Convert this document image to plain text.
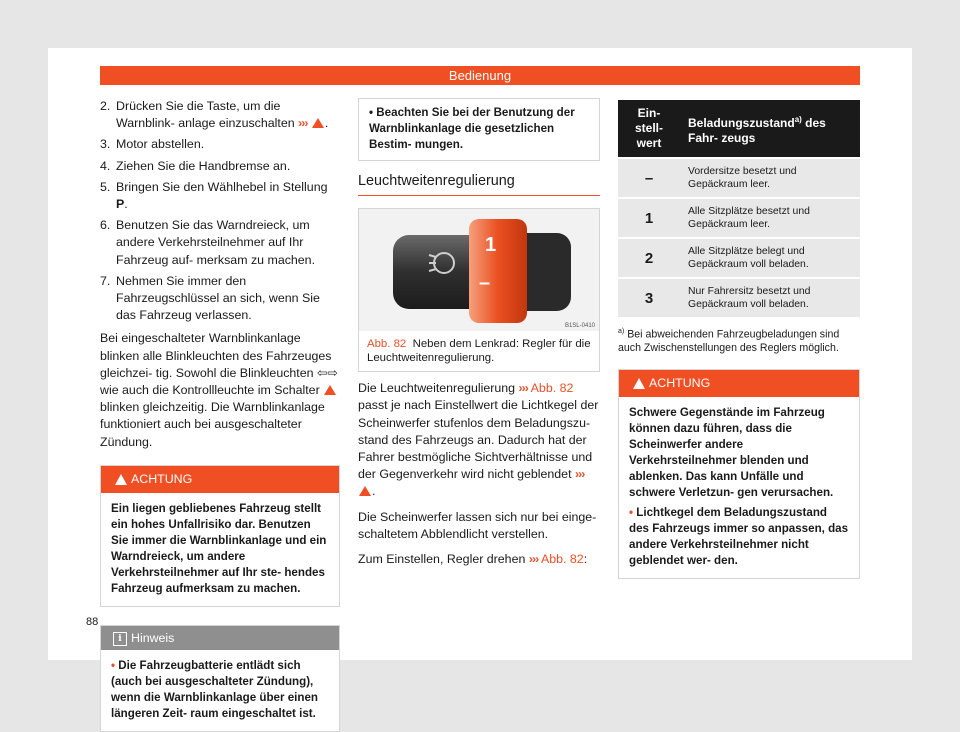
Bedienung
2. Drücken Sie die Taste, um die Warnblink- anlage einzuschalten ››› .
3. Motor abstellen.
4. Ziehen Sie die Handbremse an.
5. Bringen Sie den Wählhebel in Stellung P.
6. Benutzen Sie das Warndreieck, um andere Verkehrsteilnehmer auf Ihr Fahrzeug auf- merksam zu machen.
7. Nehmen Sie immer den Fahrzeugschlüssel an sich, wenn Sie das Fahrzeug verlassen.

Bei eingeschalteter Warnblinkanlage blinken alle Blinkleuchten des Fahrzeuges gleichzei- tig. Sowohl die Blinkleuchten ⇦⇨ wie auch die Kontrollleuchte im Schalter  blinken gleichzeitig. Die Warnblinkanlage funktioniert auch bei ausgeschalteter Zündung.

ACHTUNG
Ein liegen gebliebenes Fahrzeug stellt ein hohes Unfallrisiko dar. Benutzen Sie immer die Warnblinkanlage und ein Warndreieck, um andere Verkehrsteilnehmer auf Ihr ste- hendes Fahrzeug aufmerksam zu machen.
i Hinweis
• Die Fahrzeugbatterie entlädt sich (auch bei ausgeschalteter Zündung), wenn die Warnblinkanlage über einen längeren Zeit- raum eingeschaltet ist.
• Beachten Sie bei der Benutzung der Warnblinkanlage die gesetzlichen Bestim- mungen.
Leuchtweitenregulierung
1
–
B1SL-0410
Abb. 82 Neben dem Lenkrad: Regler für die Leuchtweitenregulierung.

Die Leuchtweitenregulierung ››› Abb. 82 passt je nach Einstellwert die Lichtkegel der Scheinwerfer stufenlos dem Beladungszu- stand des Fahrzeugs an. Dadurch hat der Fahrer bestmögliche Sichtverhältnisse und der Gegenverkehr wird nicht geblendet ››› .

Die Scheinwerfer lassen sich nur bei einge- schaltetem Abblendlicht verstellen.

Zum Einstellen, Regler drehen ››› Abb. 82:

Ein- stell- wert	Beladungszustand$^{a)}$ des Fahr- zeugs
–	Vordersitze besetzt und Gepäckraum leer.
1	Alle Sitzplätze besetzt und Gepäckraum leer.
2	Alle Sitzplätze belegt und Gepäckraum voll beladen.
3	Nur Fahrersitz besetzt und Gepäckraum voll beladen.
$^{a)}$ Bei abweichenden Fahrzeugbeladungen sind auch Zwischenstellungen des Reglers möglich.
ACHTUNG
Schwere Gegenstände im Fahrzeug können dazu führen, dass die Scheinwerfer andere Verkehrsteilnehmer blenden und ablenken. Das kann Unfälle und schwere Verletzun- gen verursachen.
• Lichtkegel dem Beladungszustand des Fahrzeugs immer so anpassen, das andere Verkehrsteilnehmer nicht geblendet wer- den.
88
